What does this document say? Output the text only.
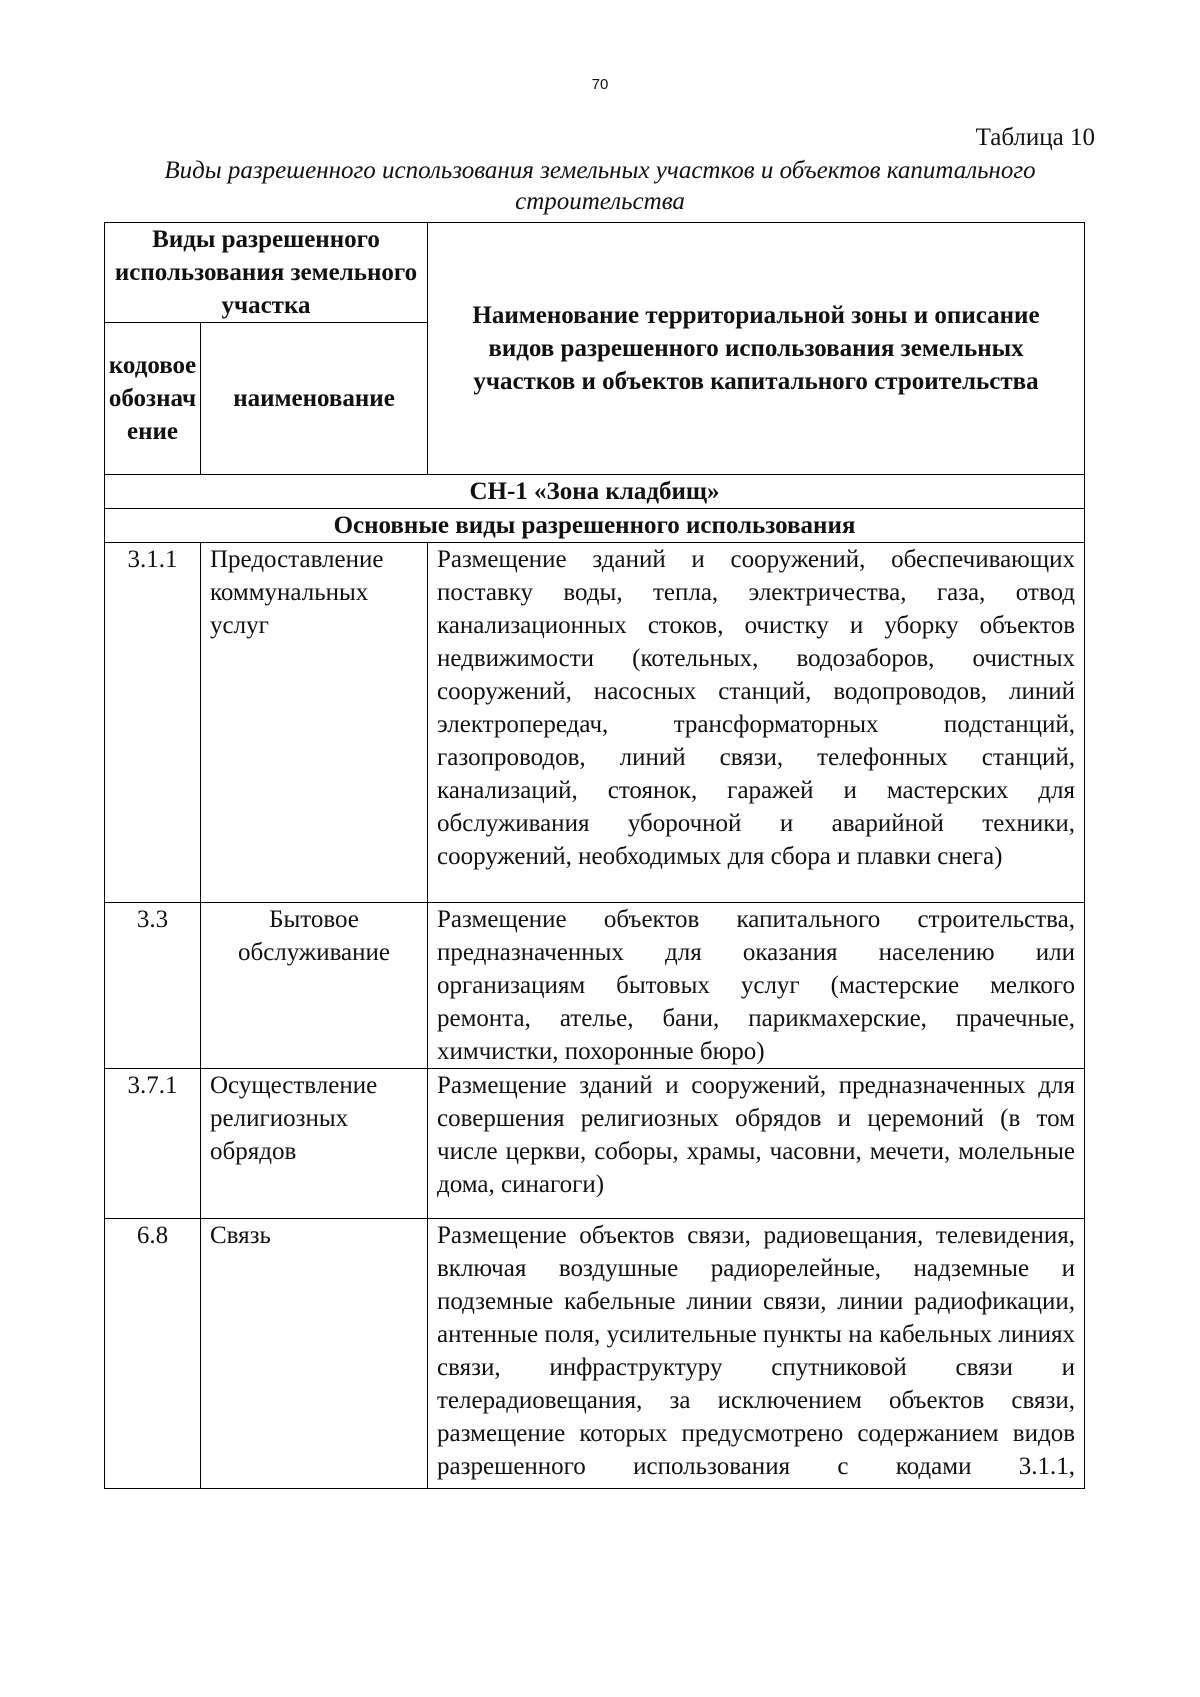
70
Таблица 10
Виды разрешенного использования земельных участков и объектов капитального строительства
Виды разрешенного использования земельного участка		Наименование территориальной зоны и описание видов разрешенного использования земельных участков и объектов капитального строительства
кодовое обозначение	наименование	
СН-1 «Зона кладбищ»		
Основные виды разрешенного использования		
3.1.1	Предоставление коммунальных услуг	Размещение зданий и сооружений, обеспечивающих поставку воды, тепла, электричества, газа, отвод канализационных стоков, очистку и уборку объектов недвижимости (котельных, водозаборов, очистных сооружений, насосных станций, водопроводов, линий электропередач, трансформаторных подстанций, газопроводов, линий связи, телефонных станций, канализаций, стоянок, гаражей и мастерских для обслуживания уборочной и аварийной техники, сооружений, необходимых для сбора и плавки снега)
3.3	Бытовое обслуживание	Размещение объектов капитального строительства, предназначенных для оказания населению или организациям бытовых услуг (мастерские мелкого ремонта, ателье, бани, парикмахерские, прачечные, химчистки, похоронные бюро)
3.7.1	Осуществление религиозных обрядов	Размещение зданий и сооружений, предназначенных для совершения религиозных обрядов и церемоний (в том числе церкви, соборы, храмы, часовни, мечети, молельные дома, синагоги)
6.8	Связь	Размещение объектов связи, радиовещания, телевидения, включая воздушные радиорелейные, надземные и подземные кабельные линии связи, линии радиофикации, антенные поля, усилительные пункты на кабельных линиях связи, инфраструктуру спутниковой связи и телерадиовещания, за исключением объектов связи, размещение которых предусмотрено содержанием видов разрешенного использования с кодами 3.1.1,
